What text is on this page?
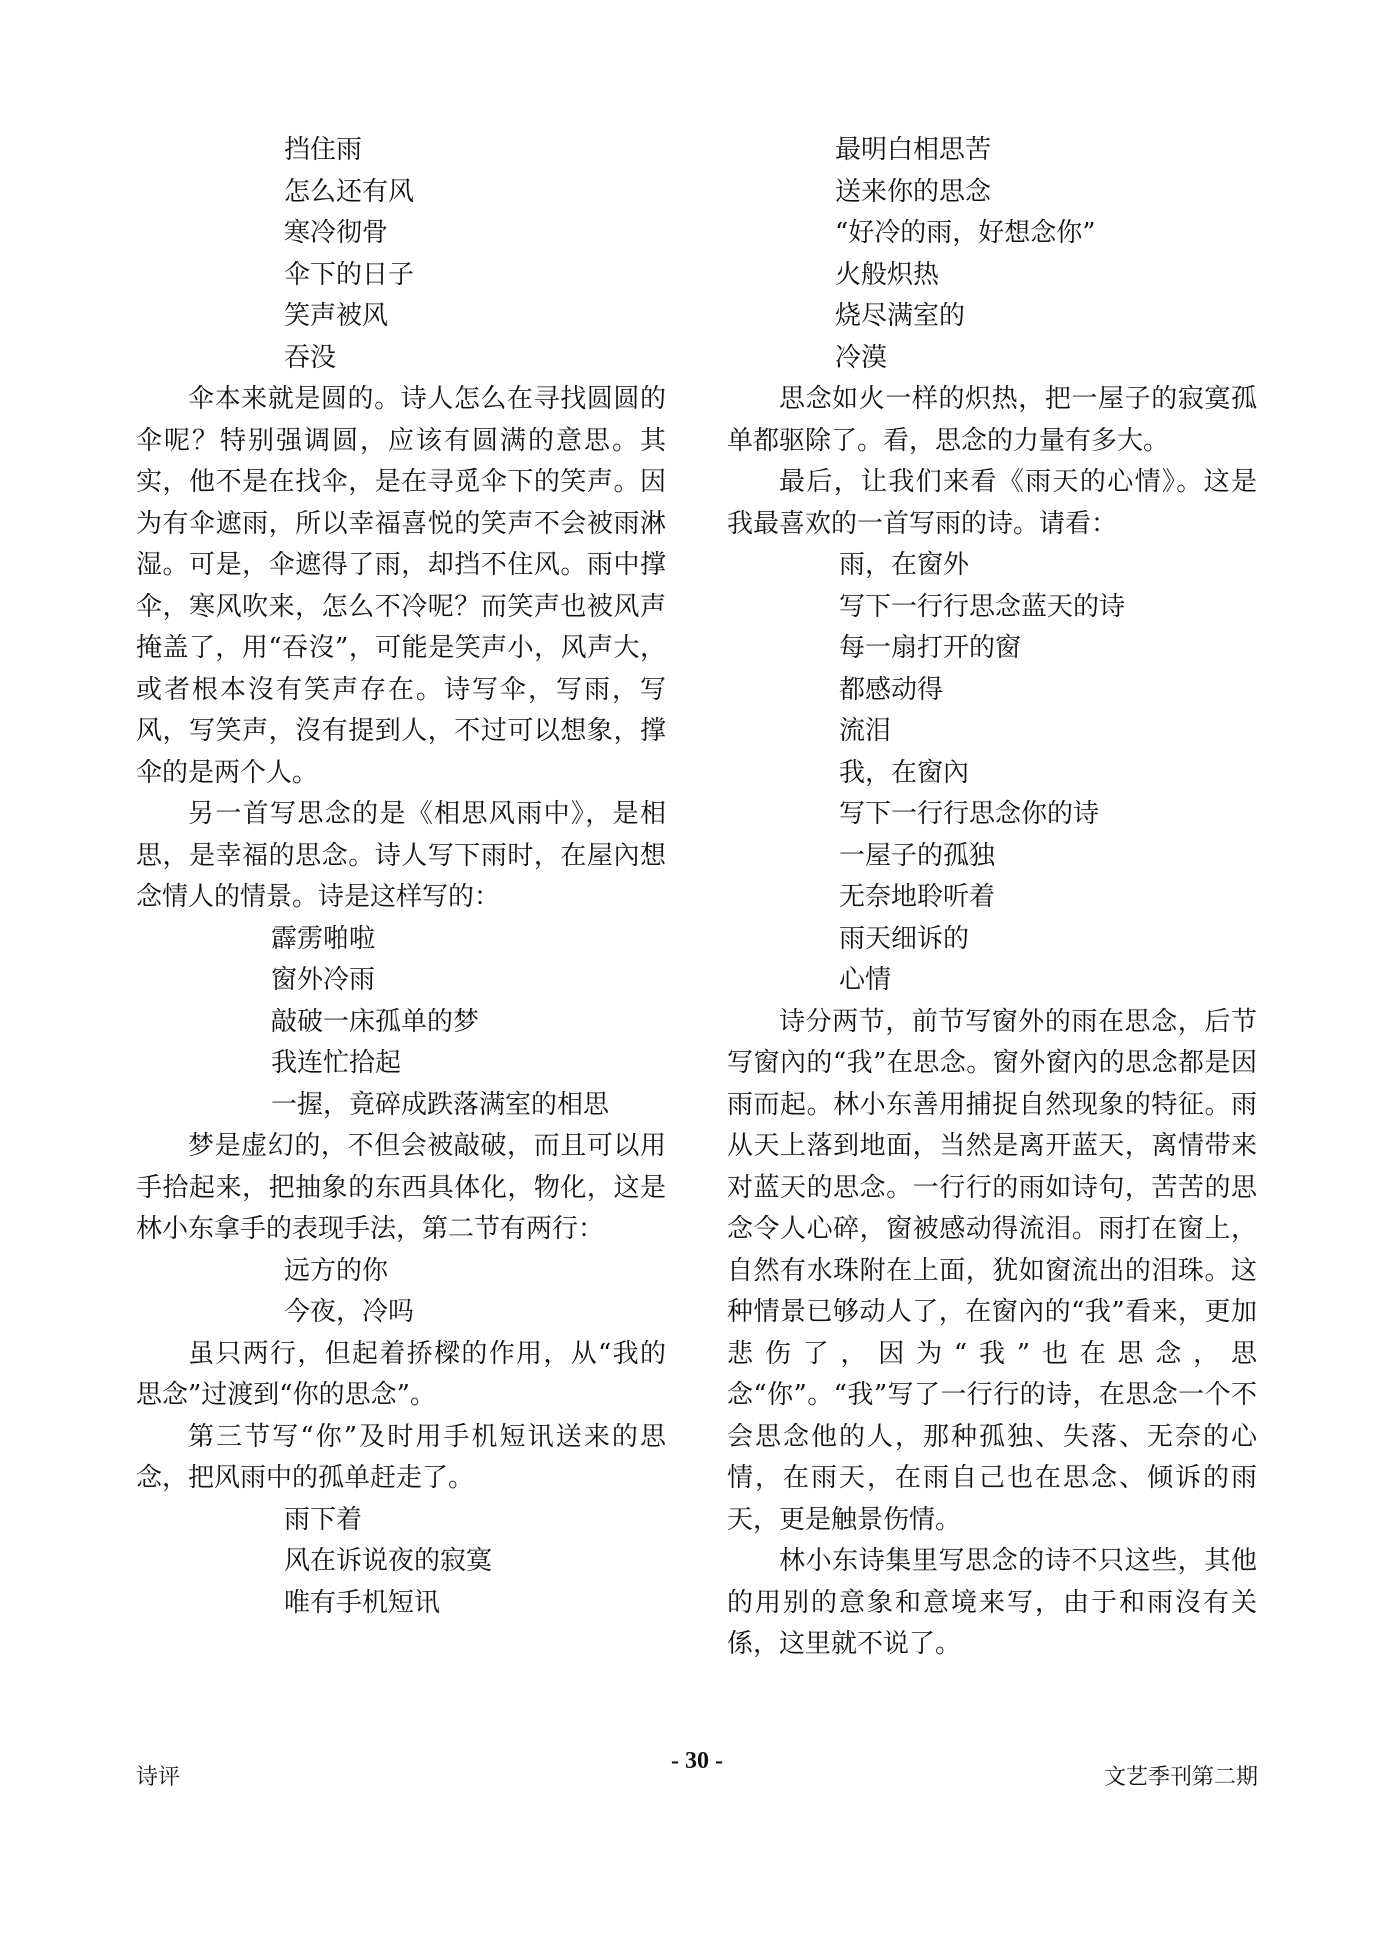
挡住雨
怎么还有风
寒冷彻骨
伞下的日子
笑声被风
吞没

伞本来就是圆的。诗人怎么在寻找圆圆的伞呢？特别强调圆，应该有圆满的意思。其实，他不是在找伞，是在寻觅伞下的笑声。因为有伞遮雨，所以幸福喜悦的笑声不会被雨淋湿。可是，伞遮得了雨，却挡不住风。雨中撑伞，寒风吹来，怎么不冷呢？而笑声也被风声掩盖了，用“吞沒”，可能是笑声小，风声大，或者根本沒有笑声存在。诗写伞，写雨，写风，写笑声，沒有提到人，不过可以想象，撑伞的是两个人。

另一首写思念的是《相思风雨中》，是相思，是幸福的思念。诗人写下雨时，在屋內想念情人的情景。诗是这样写的：

霹雳啪啦
窗外冷雨
敲破一床孤单的梦
我连忙拾起
一握，竟碎成跌落满室的相思

梦是虚幻的，不但会被敲破，而且可以用手拾起来，把抽象的东西具体化，物化，这是林小东拿手的表现手法，第二节有两行：

远方的你
今夜，冷吗

虽只两行，但起着挢樑的作用，从“我的思念”过渡到“你的思念”。

第三节写“你”及时用手机短讯送来的思念，把风雨中的孤单赶走了。

雨下着
风在诉说夜的寂寞
唯有手机短讯
最明白相思苦
送来你的思念
“好冷的雨，好想念你”
火般炽热
烧尽满室的
冷漠

思念如火一样的炽热，把一屋子的寂寞孤单都驱除了。看，思念的力量有多大。

最后，让我们来看《雨天的心情》。这是我最喜欢的一首写雨的诗。请看：

雨，在窗外
写下一行行思念蓝天的诗
每一扇打开的窗
都感动得
流泪
我，在窗內
写下一行行思念你的诗
一屋子的孤独
无奈地聆听着
雨天细诉的
心情

诗分两节，前节写窗外的雨在思念，后节写窗內的“我”在思念。窗外窗內的思念都是因雨而起。林小东善用捕捉自然现象的特征。雨从天上落到地面，当然是离开蓝天，离情带来对蓝天的思念。一行行的雨如诗句，苦苦的思念令人心碎，窗被感动得流泪。雨打在窗上，自然有水珠附在上面，犹如窗流出的泪珠。这种情景已够动人了，在窗內的“我”看来，更加悲伤了，因为“我”也在思念，思念“你”。“我”写了一行行的诗，在思念一个不会思念他的人，那种孤独、失落、无奈的心情，在雨天，在雨自己也在思念、倾诉的雨天，更是触景伤情。

林小东诗集里写思念的诗不只这些，其他的用别的意象和意境来写，由于和雨沒有关係，这里就不说了。

诗评
- 30 -
文艺季刊第二期
